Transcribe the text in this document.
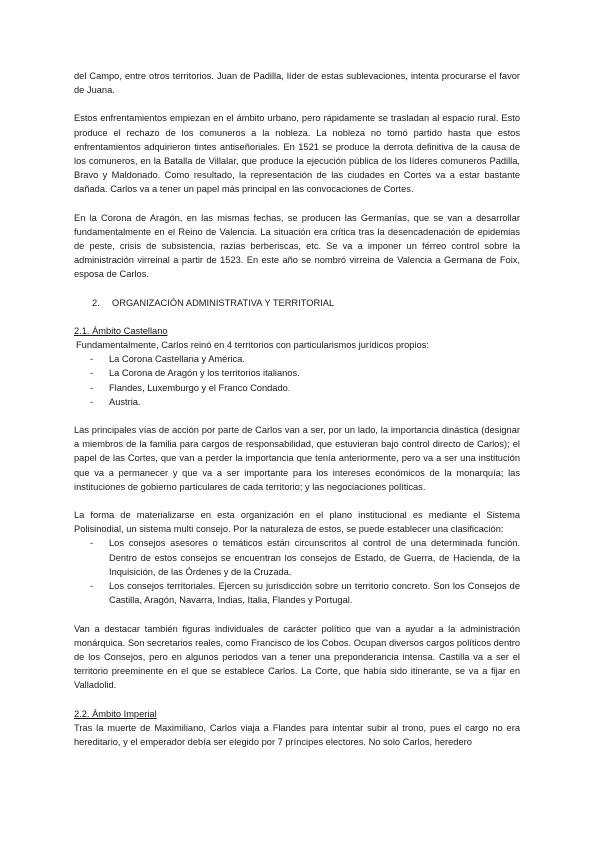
del Campo, entre otros territorios. Juan de Padilla, líder de estas sublevaciones, intenta procurarse el favor de Juana.

Estos enfrentamientos empiezan en el ámbito urbano, pero rápidamente se trasladan al espacio rural. Esto produce el rechazo de los comuneros a la nobleza. La nobleza no tomó partido hasta que estos enfrentamientos adquirieron tintes antiseñoriales. En 1521 se produce la derrota definitiva de la causa de los comuneros, en la Batalla de Villalar, que produce la ejecución pública de los líderes comuneros Padilla, Bravo y Maldonado. Como resultado, la representación de las ciudades en Cortes va a estar bastante dañada. Carlos va a tener un papel más principal en las convocaciones de Cortes.

En la Corona de Aragón, en las mismas fechas, se producen las Germanías, que se van a desarrollar fundamentalmente en el Reino de Valencia. La situación era crítica tras la desencadenación de epidemias de peste, crisis de subsistencia, razias berberiscas, etc. Se va a imponer un férreo control sobre la administración virreinal a partir de 1523. En este año se nombró virreina de Valencia a Germana de Foix, esposa de Carlos.

2. ORGANIZACIÓN ADMINISTRATIVA Y TERRITORIAL

2.1. Ámbito Castellano

Fundamentalmente, Carlos reinó en 4 territorios con particularismos jurídicos propios:

- La Corona Castellana y América.
- La Corona de Aragón y los territorios italianos.
- Flandes, Luxemburgo y el Franco Condado.
- Austria.

Las principales vías de acción por parte de Carlos van a ser, por un lado, la importancia dinástica (designar a miembros de la familia para cargos de responsabilidad, que estuvieran bajo control directo de Carlos); el papel de las Cortes, que van a perder la importancia que tenía anteriormente, pero va a ser una institución que va a permanecer y que va a ser importante para los intereses económicos de la monarquía; las instituciones de gobierno particulares de cada territorio; y las negociaciones políticas.

La forma de materializarse en esta organización en el plano institucional es mediante el Sistema Polisinodial, un sistema multi consejo. Por la naturaleza de estos, se puede establecer una clasificación:

- Los consejos asesores o temáticos están circunscritos al control de una determinada función. Dentro de estos consejos se encuentran los consejos de Estado, de Guerra, de Hacienda, de la Inquisición, de las Órdenes y de la Cruzada.
- Los consejos territoriales. Ejercen su jurisdicción sobre un territorio concreto. Son los Consejos de Castilla, Aragón, Navarra, Indias, Italia, Flandes y Portugal.

Van a destacar también figuras individuales de carácter político que van a ayudar a la administración monárquica. Son secretarios reales, como Francisco de los Cobos. Ocupan diversos cargos políticos dentro de los Consejos, pero en algunos periodos van a tener una preponderancia intensa. Castilla va a ser el territorio preeminente en el que se establece Carlos. La Corte, que había sido itinerante, se va a fijar en Valladolid.

2.2. Ámbito Imperial

Tras la muerte de Maximiliano, Carlos viaja a Flandes para intentar subir al trono, pues el cargo no era hereditario, y el emperador debía ser elegido por 7 príncipes electores. No solo Carlos, heredero
